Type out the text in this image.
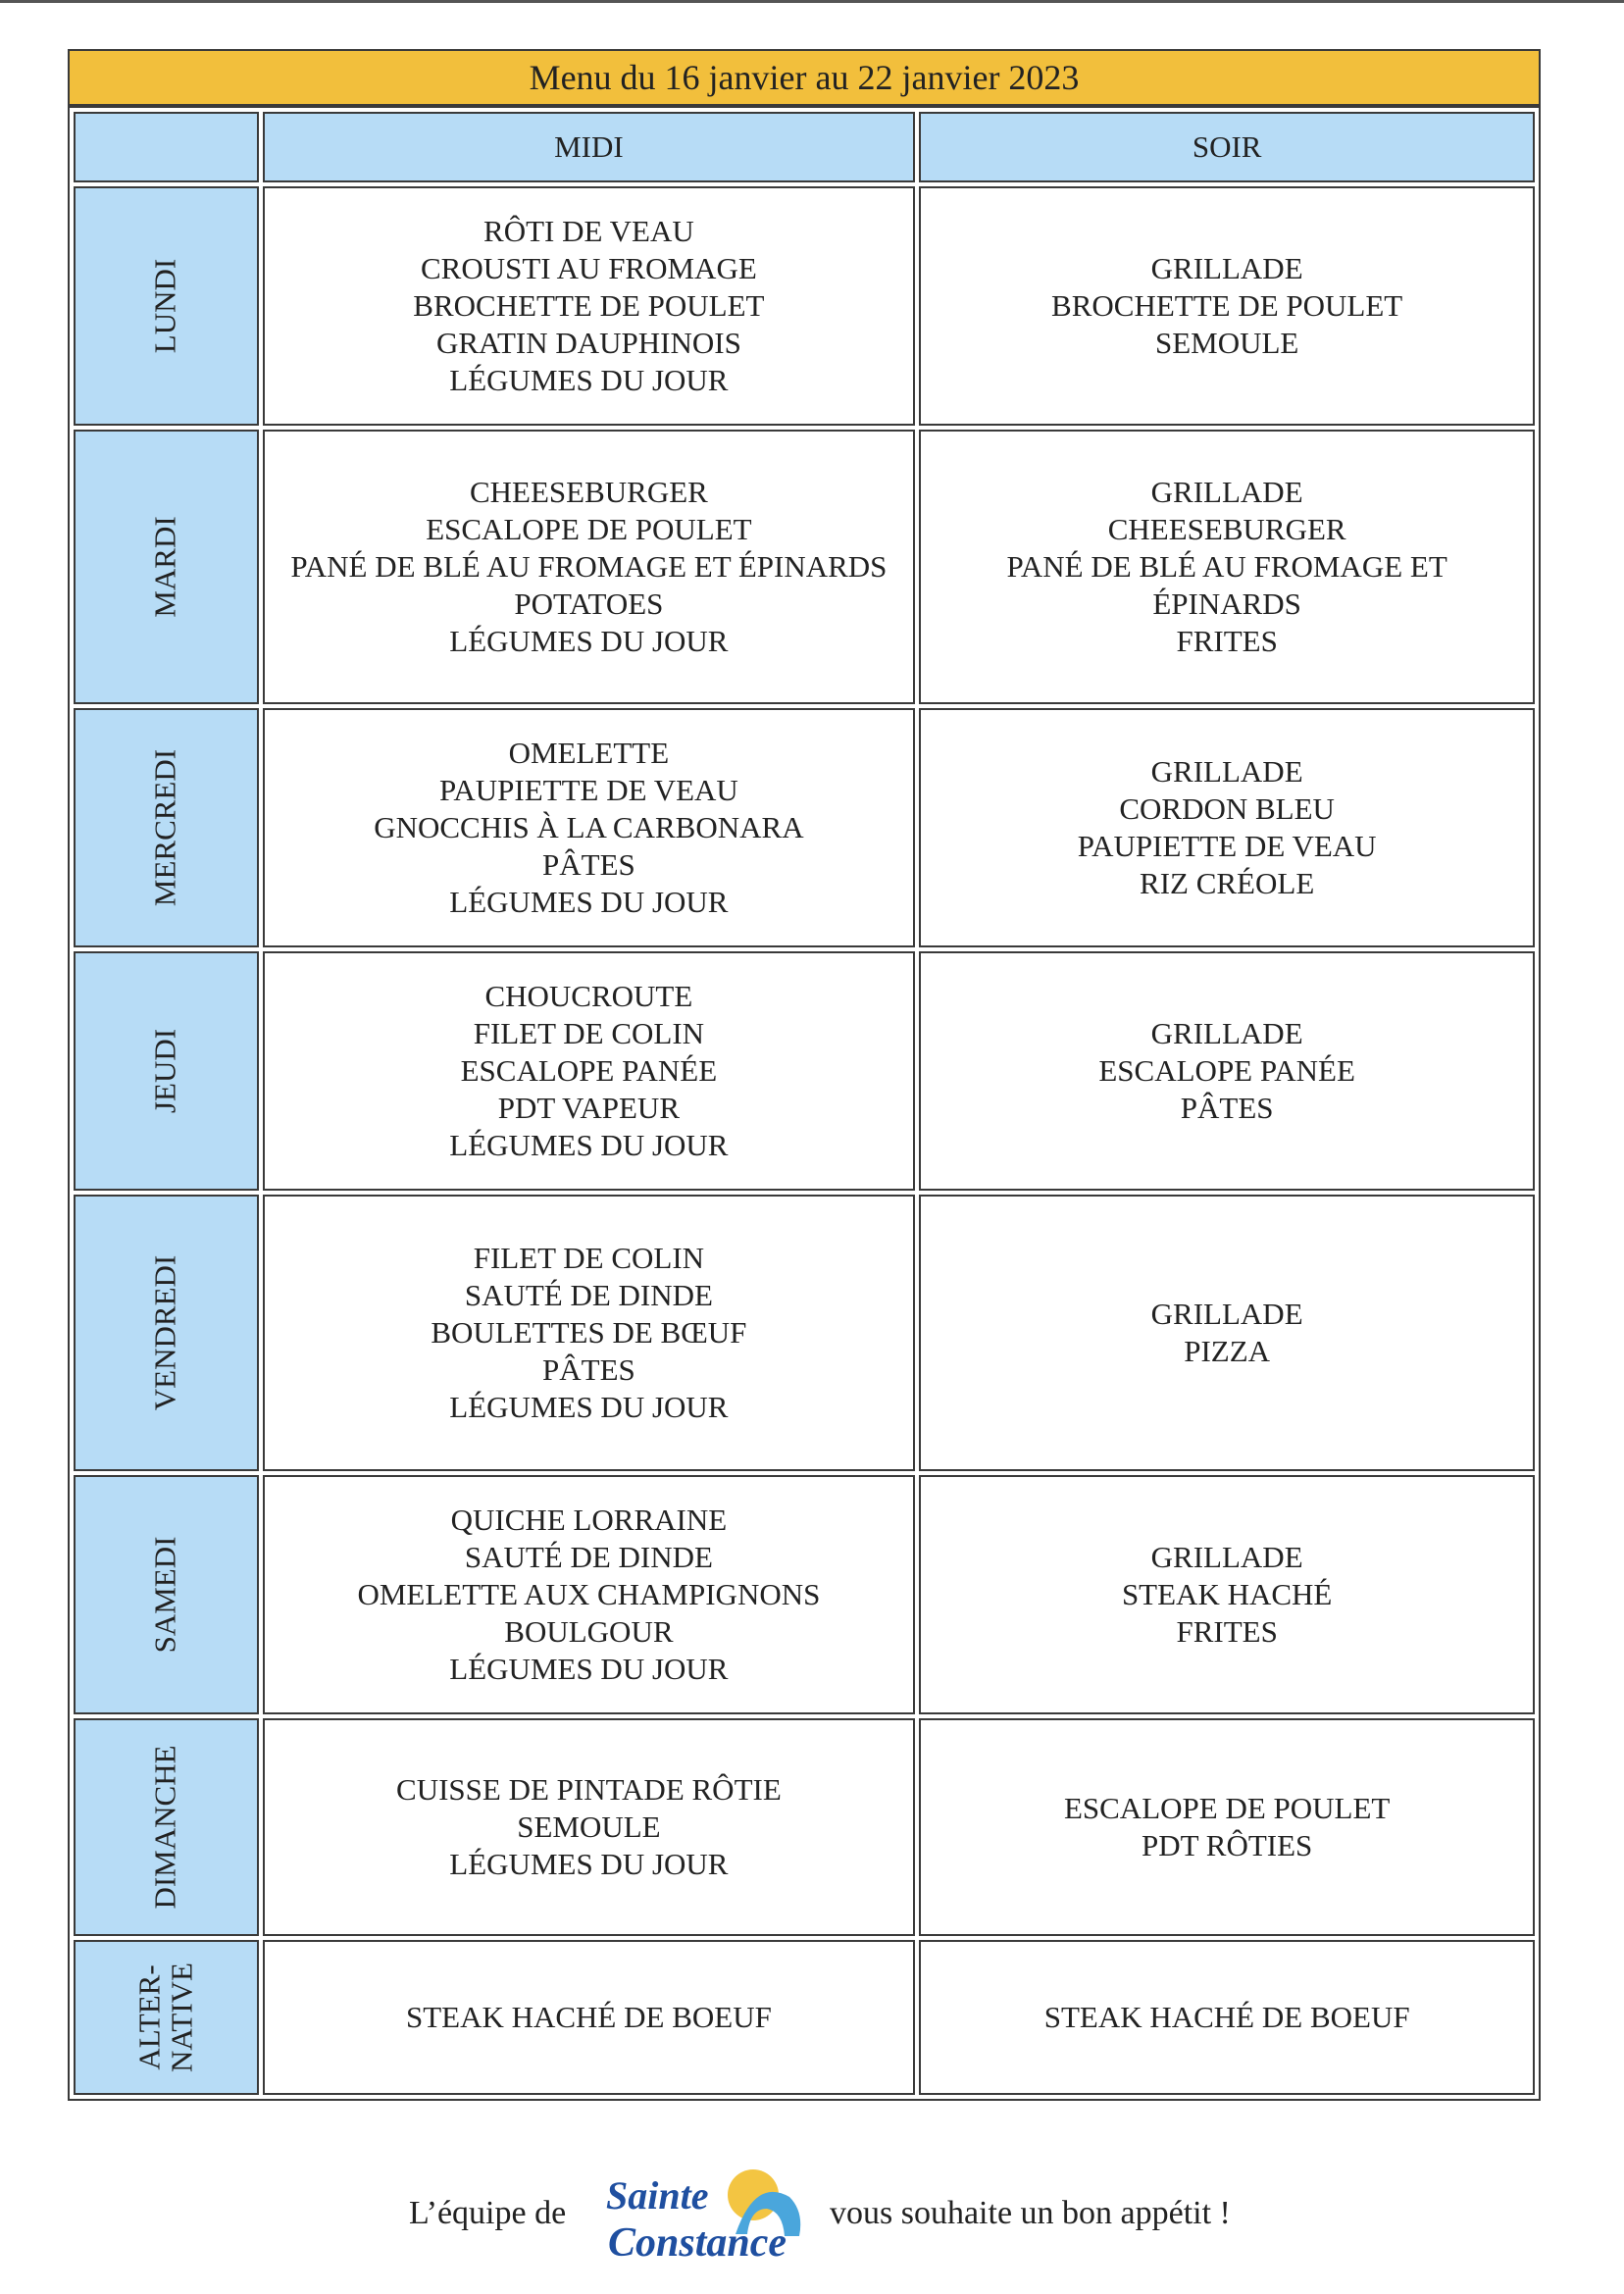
Menu du 16 janvier au 22 janvier 2023
	MIDI	SOIR

LUNDI	RÔTI DE VEAU
CROUSTI AU FROMAGE
BROCHETTE DE POULET
GRATIN DAUPHINOIS
LÉGUMES DU JOUR	GRILLADE
BROCHETTE DE POULET
SEMOULE

MARDI	CHEESEBURGER
ESCALOPE DE POULET
PANÉ DE BLÉ AU FROMAGE ET ÉPINARDS
POTATOES
LÉGUMES DU JOUR	GRILLADE
CHEESEBURGER
PANÉ DE BLÉ AU FROMAGE ET
ÉPINARDS
FRITES

MERCREDI	OMELETTE
PAUPIETTE DE VEAU
GNOCCHIS À LA CARBONARA
PÂTES
LÉGUMES DU JOUR	GRILLADE
CORDON BLEU
PAUPIETTE DE VEAU
RIZ CRÉOLE

JEUDI	CHOUCROUTE
FILET DE COLIN
ESCALOPE PANÉE
PDT VAPEUR
LÉGUMES DU JOUR	GRILLADE
ESCALOPE PANÉE
PÂTES

VENDREDI	FILET DE COLIN
SAUTÉ DE DINDE
BOULETTES DE BŒUF
PÂTES
LÉGUMES DU JOUR	GRILLADE
PIZZA

SAMEDI	QUICHE LORRAINE
SAUTÉ DE DINDE
OMELETTE AUX CHAMPIGNONS
BOULGOUR
LÉGUMES DU JOUR	GRILLADE
STEAK HACHÉ
FRITES

DIMANCHE	CUISSE DE PINTADE RÔTIE
SEMOULE
LÉGUMES DU JOUR	ESCALOPE DE POULET
PDT RÔTIES

ALTER-
NATIVE	STEAK HACHÉ DE BOEUF	STEAK HACHÉ DE BOEUF
L’équipe de Sainte
Constance
vous souhaite un bon appétit !
